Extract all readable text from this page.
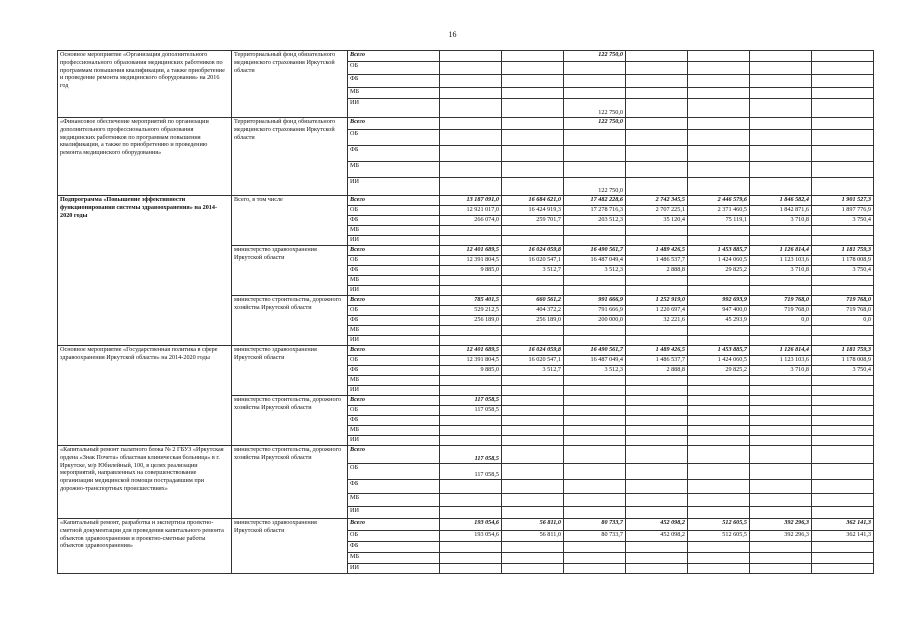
16
Основное мероприятие «Организация дополнительного профессионального образования медицинских работников по программам повышения квалификации, а также приобретение и проведение ремонта медицинского оборудования» на 2016 год	Территориальный фонд обязательного медицинского страхования Иркутской области	Всего			122 750,0				
		ОБ							
		ФБ							
		МБ							
		ИИ			122 750,0				
«Финансовое обеспечение мероприятий по организации дополнительного профессионального образования медицинских работников по программам повышения квалификации, а также по приобретению и проведению ремонта медицинского оборудования»	Территориальный фонд обязательного медицинского страхования Иркутской области	Всего			122 750,0				
		ОБ							
		ФБ							
		МБ							
		ИИ			122 750,0				
Подпрограмма «Повышение эффективности функционирования системы здравоохранения» на 2014-2020 годы	Всего, в том числе	Всего	13 187 091,0	16 684 621,0	17 482 228,6	2 742 345,5	2 446 579,6	1 846 582,4	1 901 527,3
		ОБ	12 921 017,0	16 424 919,3	17 278 716,3	2 707 225,1	2 371 460,5	1 842 871,6	1 897 776,9
		ФБ	266 074,0	259 701,7	203 512,3	35 120,4	75 119,1	3 710,8	3 750,4
		МБ							
		ИИ							
	министерство здравоохранения Иркутской области	Всего	12 401 689,5	16 024 059,8	16 490 561,7	1 489 426,5	1 453 885,7	1 126 814,4	1 181 759,3
		ОБ	12 391 804,5	16 020 547,1	16 487 049,4	1 486 537,7	1 424 060,5	1 123 103,6	1 178 008,9
		ФБ	9 885,0	3 512,7	3 512,3	2 888,8	29 825,2	3 710,8	3 750,4
		МБ							
		ИИ							
	министерство строительства, дорожного хозяйства Иркутской области	Всего	785 401,5	660 561,2	991 666,9	1 252 919,0	992 693,9	719 768,0	719 768,0
		ОБ	529 212,5	404 372,2	791 666,9	1 220 697,4	947 400,0	719 768,0	719 768,0
		ФБ	256 189,0	256 189,0	200 000,0	32 221,6	45 293,9	0,0	0,0
		МБ							
		ИИ							
Основное мероприятие «Государственная политика в сфере здравоохранения Иркутской области» на 2014-2020 годы	министерство здравоохранения Иркутской области	Всего	12 401 689,5	16 024 059,8	16 490 561,7	1 489 426,5	1 453 885,7	1 126 814,4	1 181 759,3
		ОБ	12 391 804,5	16 020 547,1	16 487 049,4	1 486 537,7	1 424 060,5	1 123 103,6	1 178 008,9
		ФБ	9 885,0	3 512,7	3 512,3	2 888,8	29 825,2	3 710,8	3 750,4
		МБ							
		ИИ							
	министерство строительства, дорожного хозяйства Иркутской области	Всего	117 058,5						
		ОБ	117 058,5						
		ФБ							
		МБ							
		ИИ							
«Капитальный ремонт палатного блока № 2 ГБУЗ «Иркутская ордена «Знак Почета» областная клиническая больница» в г. Иркутске, м/р Юбилейный, 100, в целях реализации мероприятий, направленных на совершенствование организации медицинской помощи пострадавшим при дорожно-транспортных происшествиях»	министерство строительства, дорожного хозяйства Иркутской области	Всего	117 058,5						
		ОБ	117 058,5						
		ФБ							
		МБ							
		ИИ							
«Капитальный ремонт, разработка и экспертиза проектно-сметной документации для проведения капитального ремонта объектов здравоохранения и проектно-сметные работы объектов здравоохранения»	министерство здравоохранения Иркутской области	Всего	193 054,6	56 811,0	80 733,7	452 098,2	512 605,5	392 296,3	362 141,3
		ОБ	193 054,6	56 811,0	80 733,7	452 098,2	512 605,5	392 296,3	362 141,3
		ФБ							
		МБ							
		ИИ							
